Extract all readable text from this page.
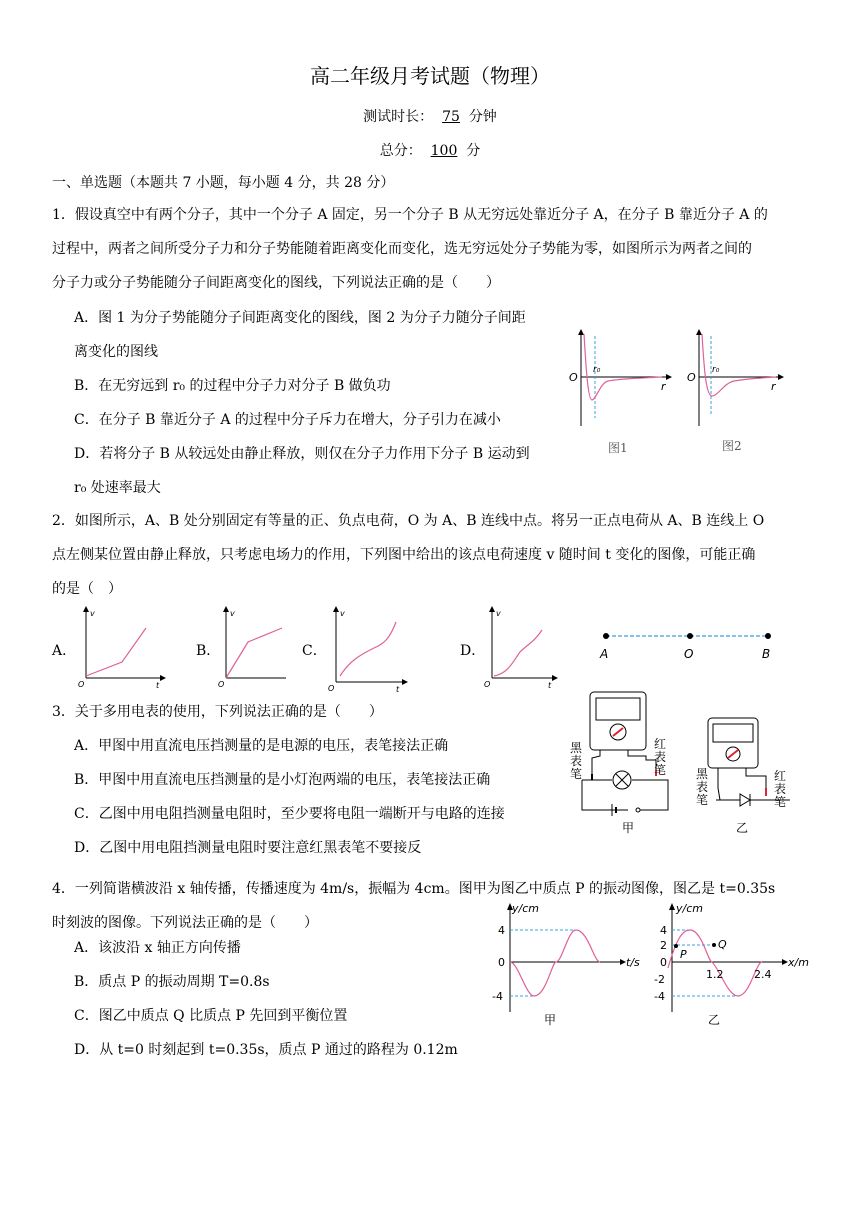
高二年级月考试题（物理）
测试时长： 75 分钟
总分： 100 分
一、单选题（本题共 7 小题，每小题 4 分，共 28 分）
1．假设真空中有两个分子，其中一个分子 A 固定，另一个分子 B 从无穷远处靠近分子 A，在分子 B 靠近分子 A 的
过程中，两者之间所受分子力和分子势能随着距离变化而变化，选无穷远处分子势能为零，如图所示为两者之间的
分子力或分子势能随分子间距离变化的图线，下列说法正确的是（　　）
A．图 1 为分子势能随分子间距离变化的图线，图 2 为分子力随分子间距
离变化的图线
B．在无穷远到 r₀ 的过程中分子力对分子 B 做负功
C．在分子 B 靠近分子 A 的过程中分子斥力在增大，分子引力在减小
D．若将分子 B 从较远处由静止释放，则仅在分子力作用下分子 B 运动到
r₀ 处速率最大
O
r
r₀
图1
O
r
r₀
图2
2．如图所示，A、B 处分别固定有等量的正、负点电荷，O 为 A、B 连线中点。将另一正点电荷从 A、B 连线上 O
点左侧某位置由静止释放，只考虑电场力的作用，下列图中给出的该点电荷速度 v 随时间 t 变化的图像，可能正确
的是（　）
A．	B．	C．	D．
v
t
O
v
O
v
t
O
v
t
O
A	O	B
3．关于多用电表的使用，下列说法正确的是（　　）
A．甲图中用直流电压挡测量的是电源的电压，表笔接法正确
B．甲图中用直流电压挡测量的是小灯泡两端的电压，表笔接法正确
C．乙图中用电阻挡测量电阻时，至少要将电阻一端断开与电路的连接
D．乙图中用电阻挡测量电阻时要注意红黑表笔不要接反
黑
表
笔
红
表
笔
甲
黑
表
笔
红
表
笔
乙
4．一列简谐横波沿 x 轴传播，传播速度为 4m/s，振幅为 4cm。图甲为图乙中质点 P 的振动图像，图乙是 t=0.35s
时刻波的图像。下列说法正确的是（　　）
A．该波沿 x 轴正方向传播
B．质点 P 的振动周期 T=0.8s
C．图乙中质点 Q 比质点 P 先回到平衡位置
D．从 t=0 时刻起到 t=0.35s，质点 P 通过的路程为 0.12m
y/cm
t/s
4
0
-4
甲
y/cm
x/m
4
2
0
-2
-4
1.2	2.4
P
Q
乙
